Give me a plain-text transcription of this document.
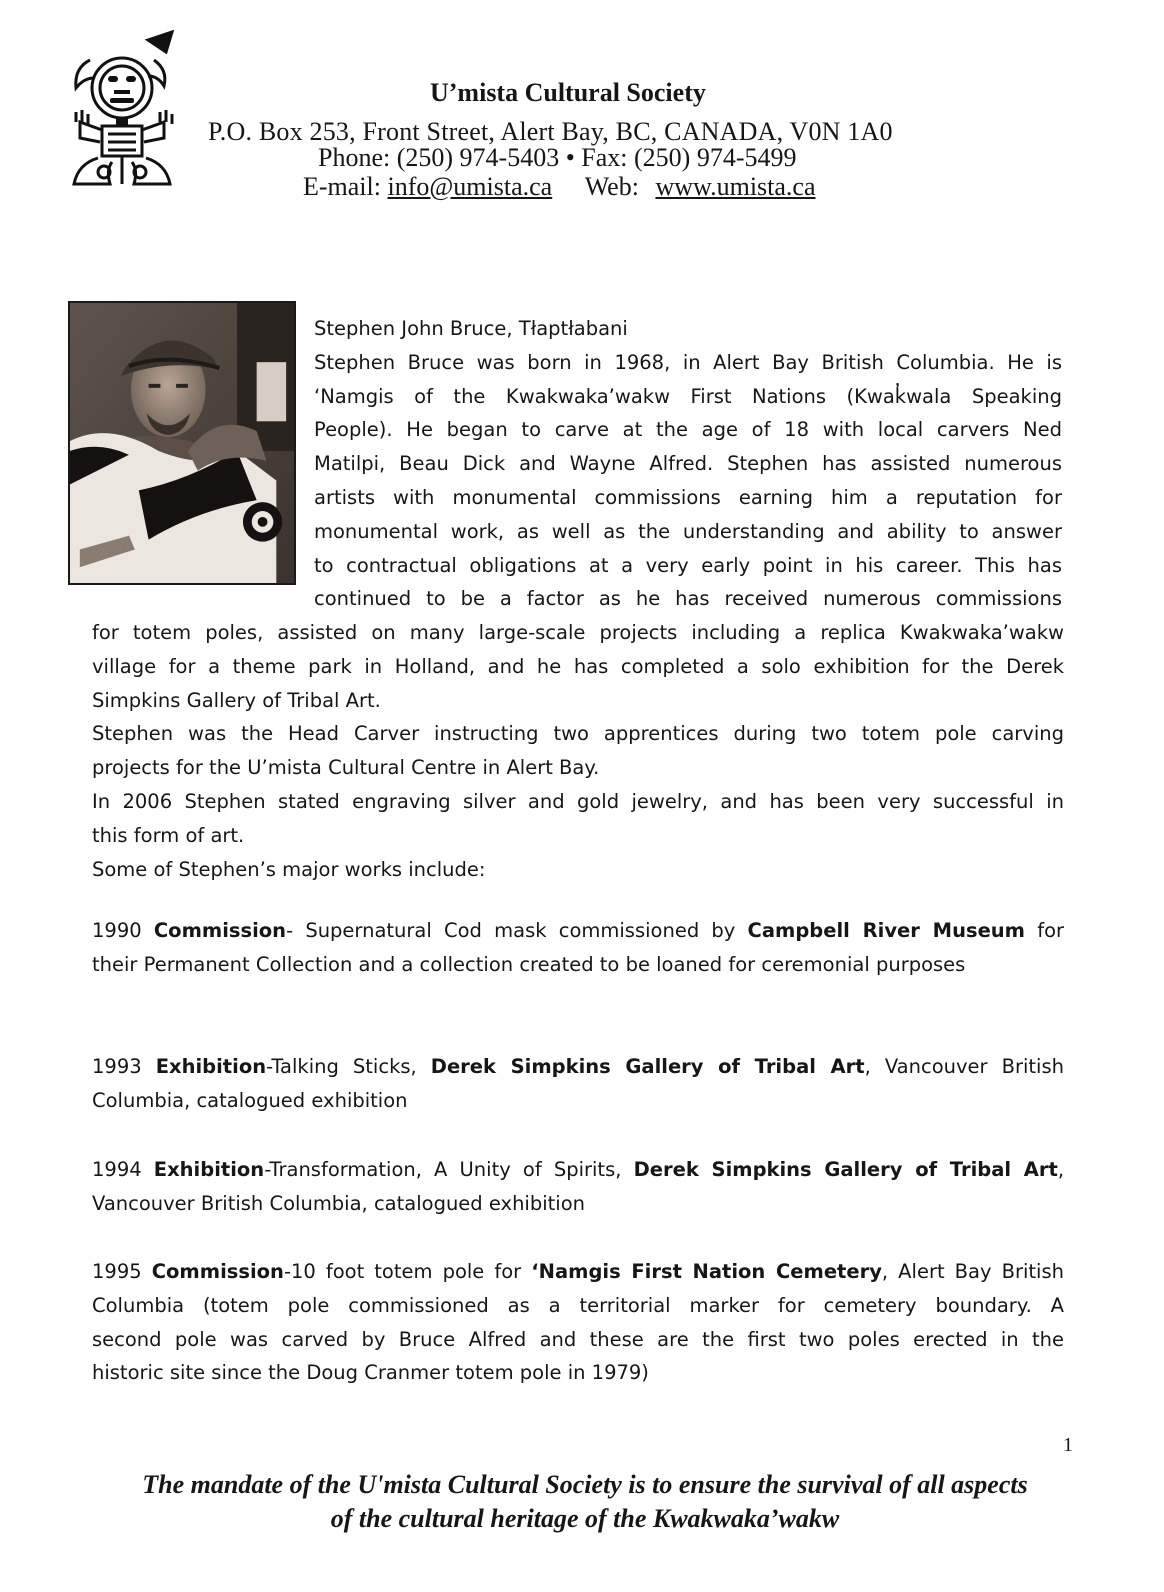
U’mista Cultural Society
P.O. Box 253, Front Street, Alert Bay, BC, CANADA, V0N 1A0
Phone: (250) 974-5403 • Fax: (250) 974-5499
E-mail: info@umista.ca Web: www.umista.ca
Stephen John Bruce, Tłaptłabani
Stephen Bruce was born in 1968, in Alert Bay British Columbia. He is
‘Namgis of the Kwakwaka’wakw First Nations (Kwak̓wala Speaking
People). He began to carve at the age of 18 with local carvers Ned
Matilpi, Beau Dick and Wayne Alfred. Stephen has assisted numerous
artists with monumental commissions earning him a reputation for
monumental work, as well as the understanding and ability to answer
to contractual obligations at a very early point in his career. This has
continued to be a factor as he has received numerous commissions
for totem poles, assisted on many large-scale projects including a replica Kwakwaka’wakw
village for a theme park in Holland, and he has completed a solo exhibition for the Derek
Simpkins Gallery of Tribal Art.
Stephen was the Head Carver instructing two apprentices during two totem pole carving
projects for the U’mista Cultural Centre in Alert Bay.
In 2006 Stephen stated engraving silver and gold jewelry, and has been very successful in
this form of art.
Some of Stephen’s major works include:
1990 Commission- Supernatural Cod mask commissioned by Campbell River Museum for
their Permanent Collection and a collection created to be loaned for ceremonial purposes
1993 Exhibition-Talking Sticks, Derek Simpkins Gallery of Tribal Art, Vancouver British
Columbia, catalogued exhibition
1994 Exhibition-Transformation, A Unity of Spirits, Derek Simpkins Gallery of Tribal Art,
Vancouver British Columbia, catalogued exhibition
1995 Commission-10 foot totem pole for ‘Namgis First Nation Cemetery, Alert Bay British
Columbia (totem pole commissioned as a territorial marker for cemetery boundary. A
second pole was carved by Bruce Alfred and these are the first two poles erected in the
historic site since the Doug Cranmer totem pole in 1979)
1
The mandate of the U'mista Cultural Society is to ensure the survival of all aspects
of the cultural heritage of the Kwakwaka’wakw
